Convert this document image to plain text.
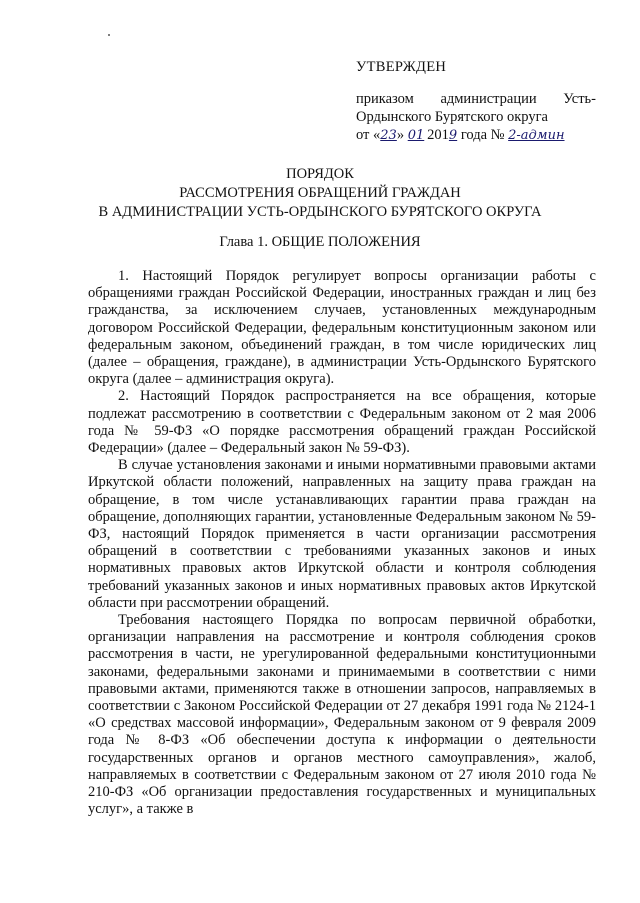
УТВЕРЖДЕН
приказом администрации Усть-
Ордынского Бурятского округа
от «23» 01  2019 года № 2-админ
ПОРЯДОК
РАССМОТРЕНИЯ ОБРАЩЕНИЙ ГРАЖДАН
В АДМИНИСТРАЦИИ УСТЬ-ОРДЫНСКОГО БУРЯТСКОГО ОКРУГА
Глава 1. ОБЩИЕ ПОЛОЖЕНИЯ

1. Настоящий Порядок регулирует вопросы организации работы с обращениями граждан Российской Федерации, иностранных граждан и лиц без гражданства, за исключением случаев, установленных международным договором Российской Федерации, федеральным конституционным законом или федеральным законом, объединений граждан, в том числе юридических лиц (далее – обращения, граждане), в администрации Усть-Ордынского Бурятского округа (далее – администрация округа).

2. Настоящий Порядок распространяется на все обращения, которые подлежат рассмотрению в соответствии с Федеральным законом от 2 мая 2006 года № 59-ФЗ «О порядке рассмотрения обращений граждан Российской Федерации» (далее – Федеральный закон № 59-ФЗ).

В случае установления законами и иными нормативными правовыми актами Иркутской области положений, направленных на защиту права граждан на обращение, в том числе устанавливающих гарантии права граждан на обращение, дополняющих гарантии, установленные Федеральным законом № 59-ФЗ, настоящий Порядок применяется в части организации рассмотрения обращений в соответствии с требованиями указанных законов и иных нормативных правовых актов Иркутской области и контроля соблюдения требований указанных законов и иных нормативных правовых актов Иркутской области при рассмотрении обращений.

Требования настоящего Порядка по вопросам первичной обработки, организации направления на рассмотрение и контроля соблюдения сроков рассмотрения в части, не урегулированной федеральными конституционными законами, федеральными законами и принимаемыми в соответствии с ними правовыми актами, применяются также в отношении запросов, направляемых в соответствии с Законом Российской Федерации от 27 декабря 1991 года № 2124-1 «О средствах массовой информации», Федеральным законом от 9 февраля 2009 года № 8-ФЗ «Об обеспечении доступа к информации о деятельности государственных органов и органов местного самоуправления», жалоб, направляемых в соответствии с Федеральным законом от 27 июля 2010 года № 210-ФЗ «Об организации предоставления государственных и муниципальных услуг», а также в
